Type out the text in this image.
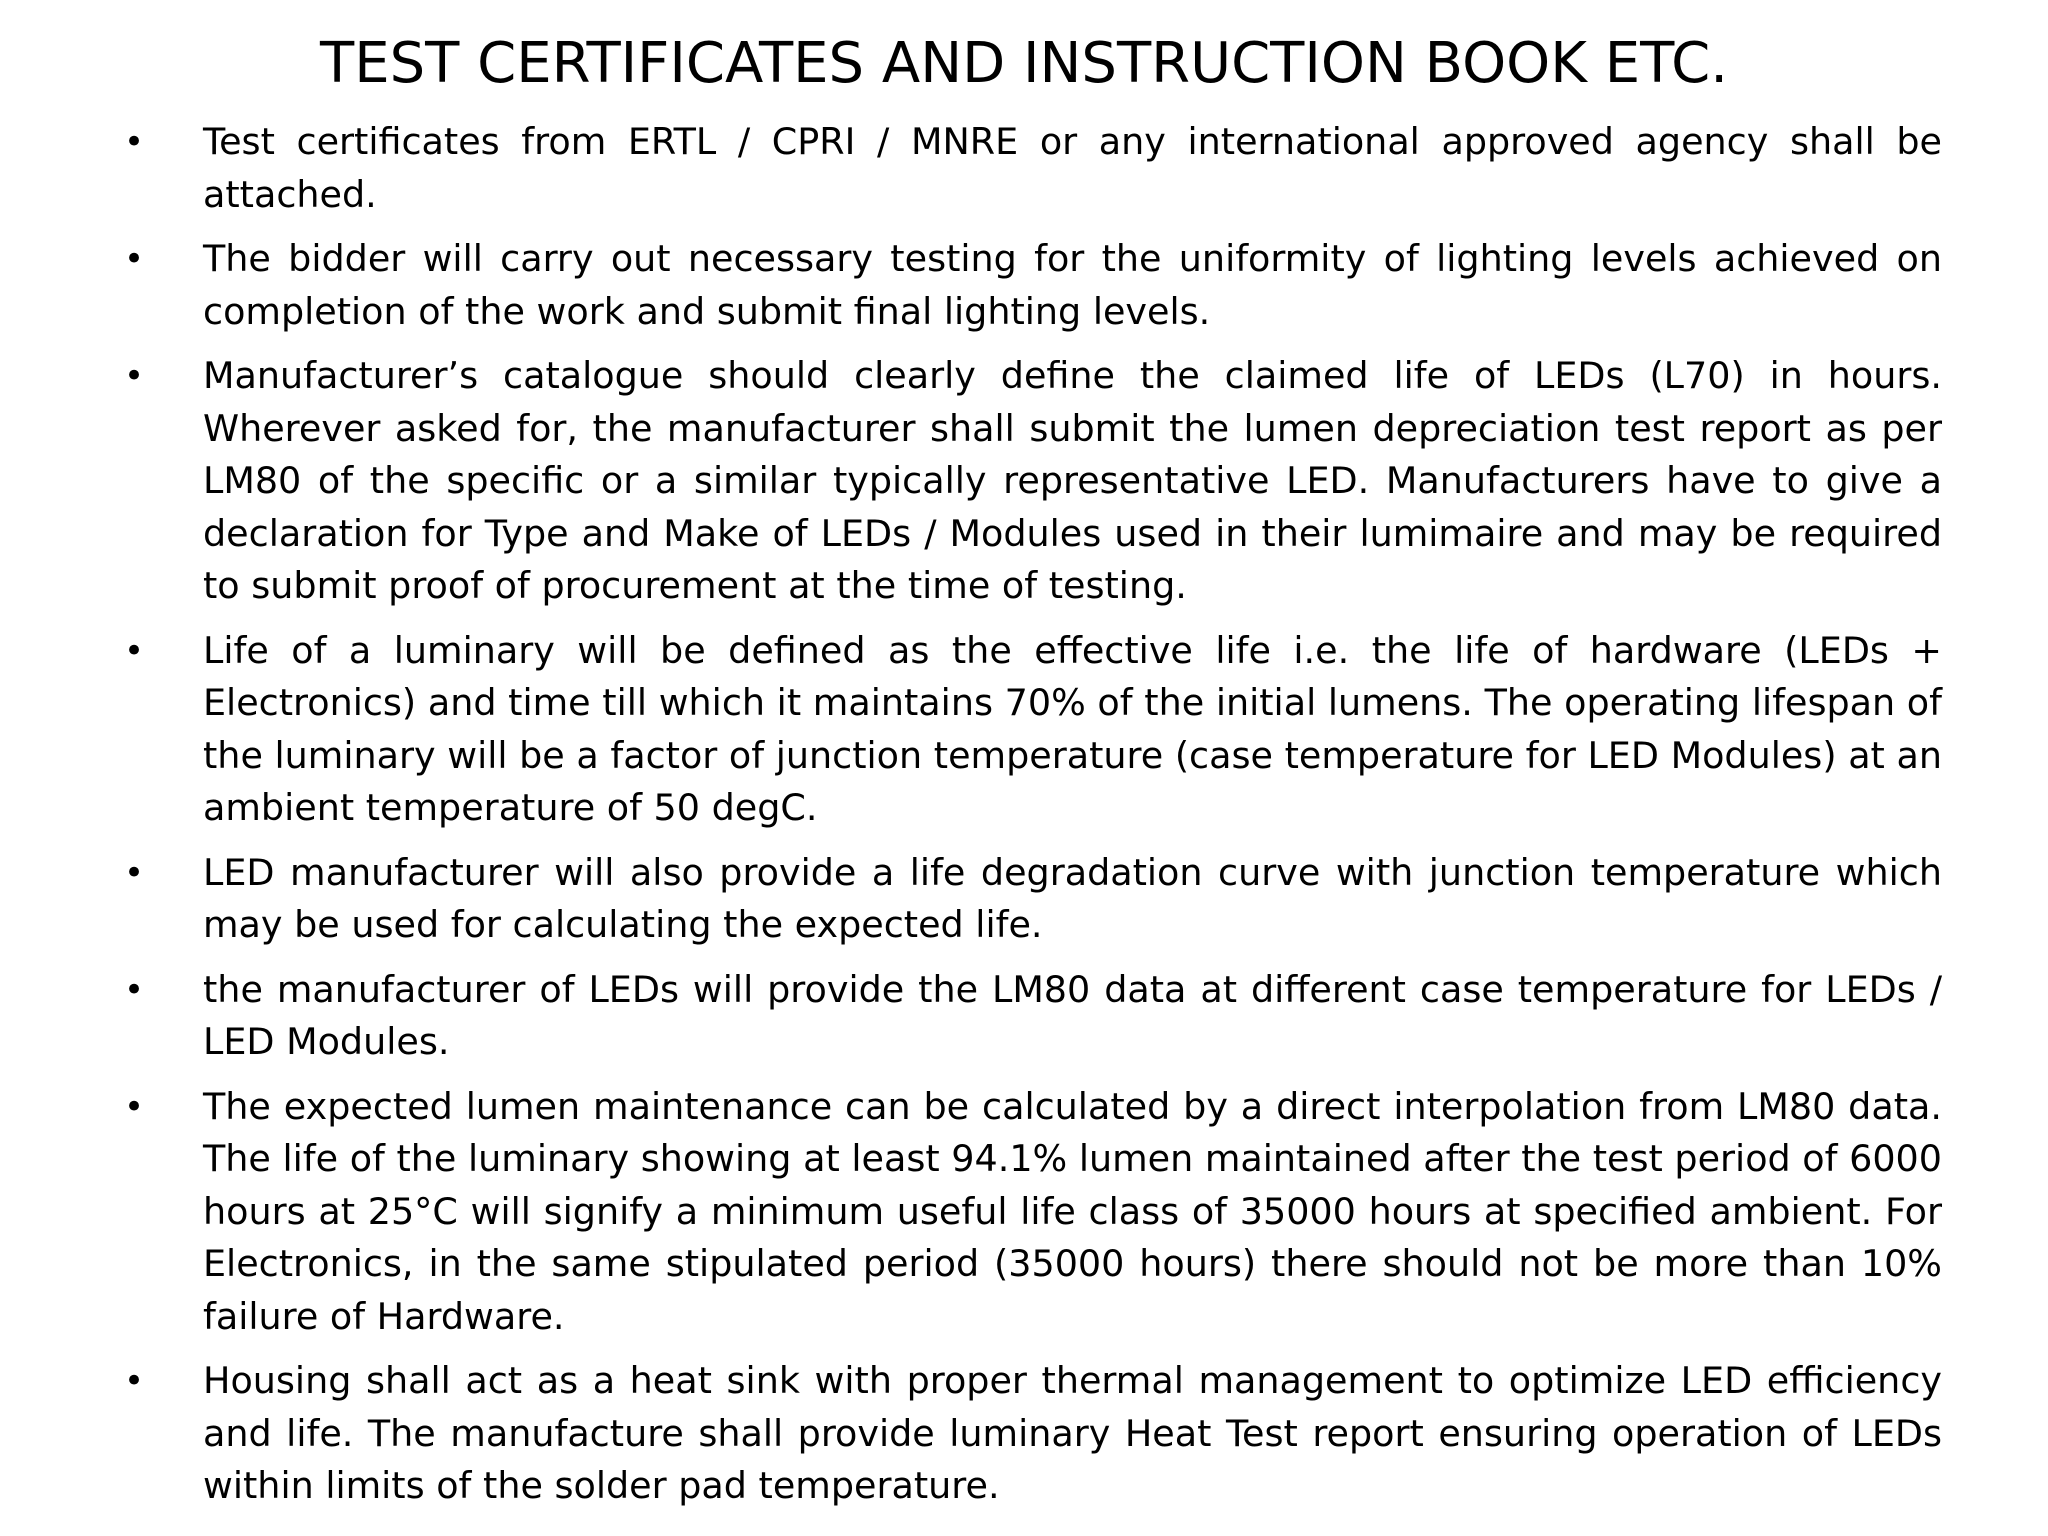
TEST CERTIFICATES AND INSTRUCTION BOOK ETC.
• Test certificates from ERTL / CPRI / MNRE or any international approved agency shall be attached.
• The bidder will carry out necessary testing for the uniformity of lighting levels achieved on completion of the work and submit final lighting levels.
• Manufacturer’s catalogue should clearly define the claimed life of LEDs (L70) in hours. Wherever asked for, the manufacturer shall submit the lumen depreciation test report as per LM80 of the specific or a similar typically representative LED. Manufacturers have to give a declaration for Type and Make of LEDs / Modules used in their lumimaire and may be required to submit proof of procurement at the time of testing.
• Life of a luminary will be defined as the effective life i.e. the life of hardware (LEDs + Electronics) and time till which it maintains 70% of the initial lumens. The operating lifespan of the luminary will be a factor of junction temperature (case temperature for LED Modules) at an ambient temperature of 50 degC.
• LED manufacturer will also provide a life degradation curve with junction temperature which may be used for calculating the expected life.
• the manufacturer of LEDs will provide the LM80 data at different case temperature for LEDs / LED Modules.
• The expected lumen maintenance can be calculated by a direct interpolation from LM80 data. The life of the luminary showing at least 94.1% lumen maintained after the test period of 6000 hours at 25°C will signify a minimum useful life class of 35000 hours at specified ambient. For Electronics, in the same stipulated period (35000 hours) there should not be more than 10% failure of Hardware.
• Housing shall act as a heat sink with proper thermal management to optimize LED efficiency and life. The manufacture shall provide luminary Heat Test report ensuring operation of LEDs within limits of the solder pad temperature.
